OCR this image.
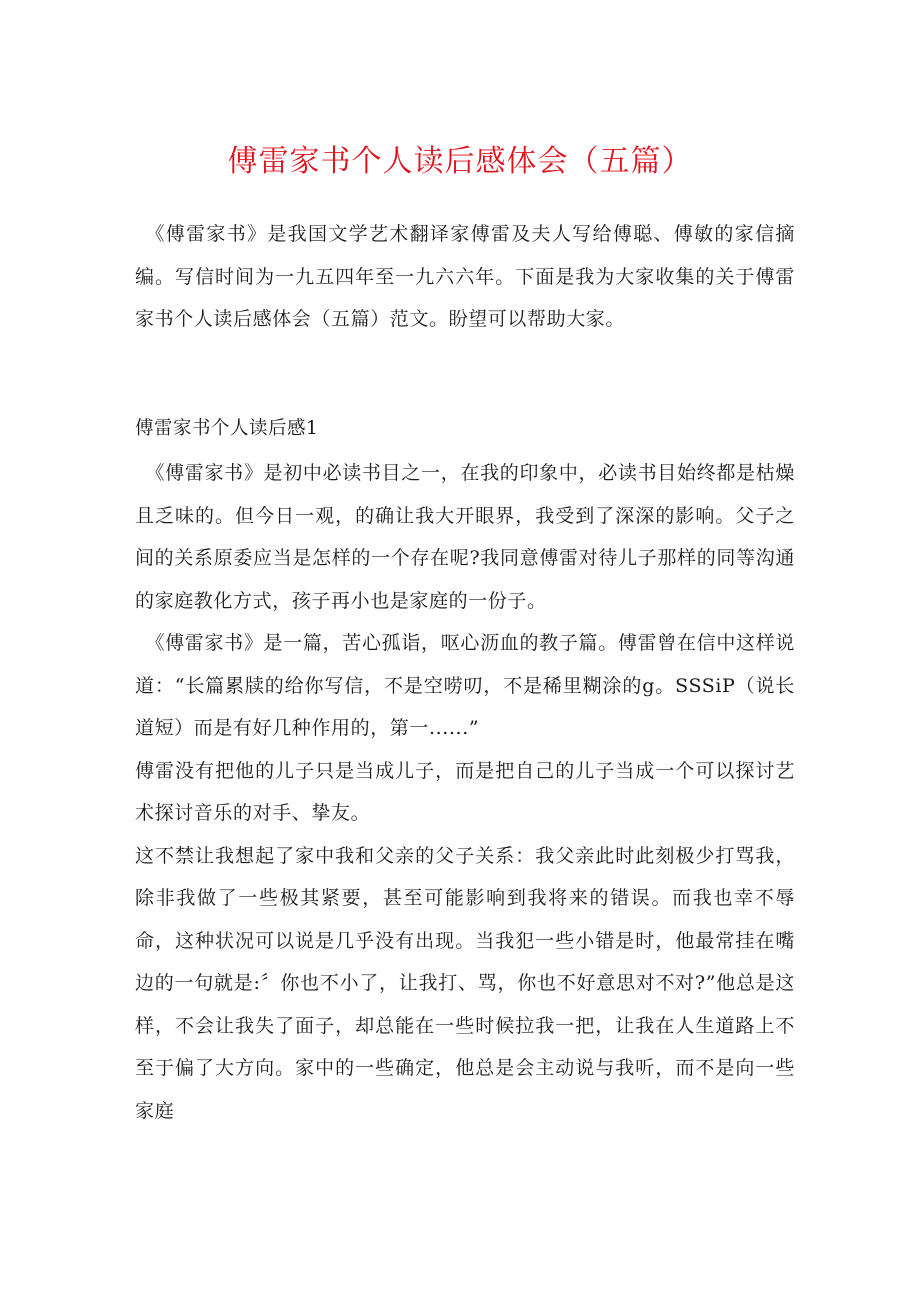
傅雷家书个人读后感体会（五篇）

《傅雷家书》是我国文学艺术翻译家傅雷及夫人写给傅聪、傅敏的家信摘编。写信时间为一九五四年至一九六六年。下面是我为大家收集的关于傅雷家书个人读后感体会（五篇）范文。盼望可以帮助大家。

傅雷家书个人读后感1

《傅雷家书》是初中必读书目之一，在我的印象中，必读书目始终都是枯燥且乏味的。但今日一观，的确让我大开眼界，我受到了深深的影响。父子之间的关系原委应当是怎样的一个存在呢?我同意傅雷对待儿子那样的同等沟通的家庭教化方式，孩子再小也是家庭的一份子。

《傅雷家书》是一篇，苦心孤诣，呕心沥血的教子篇。傅雷曾在信中这样说道：“长篇累牍的给你写信，不是空唠叨，不是稀里糊涂的g。SSSiP（说长道短）而是有好几种作用的，第一......”

傅雷没有把他的儿子只是当成儿子，而是把自己的儿子当成一个可以探讨艺术探讨音乐的对手、挚友。

这不禁让我想起了家中我和父亲的父子关系：我父亲此时此刻极少打骂我，除非我做了一些极其紧要，甚至可能影响到我将来的错误。而我也幸不辱命，这种状况可以说是几乎没有出现。当我犯一些小错是时，他最常挂在嘴边的一句就是:〞你也不小了，让我打、骂，你也不好意思对不对?”他总是这样，不会让我失了面子，却总能在一些时候拉我一把，让我在人生道路上不至于偏了大方向。家中的一些确定，他总是会主动说与我听，而不是向一些家庭
